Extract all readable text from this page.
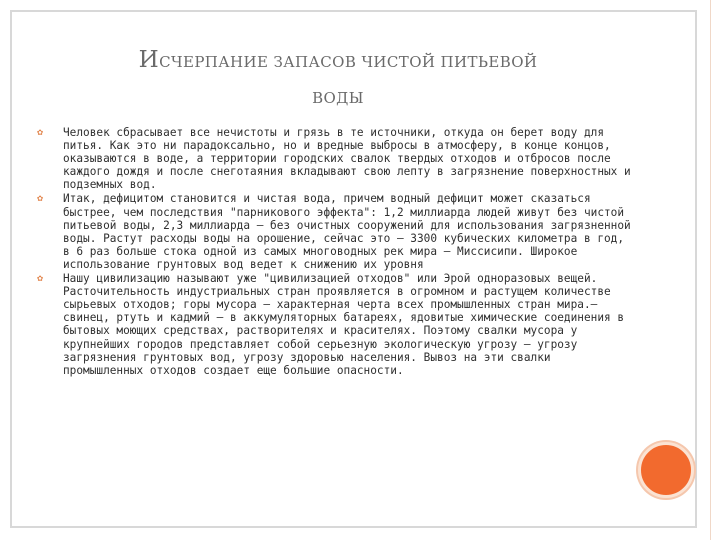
ИСЧЕРПАНИЕ ЗАПАСОВ ЧИСТОЙ ПИТЬЕВОЙ
ВОДЫ
✿ Человек сбрасывает все нечистоты и грязь в те источники, откуда он берет воду для питья. Как это ни парадоксально, но и вредные выбросы в атмосферу, в конце концов, оказываются в воде, а территории городских свалок твердых отходов и отбросов после каждого дождя и после снеготаяния вкладывают свою лепту в загрязнение поверхностных и подземных вод.
✿ Итак, дефицитом становится и чистая вода, причем водный дефицит может сказаться быстрее, чем последствия "парникового эффекта": 1,2 миллиарда людей живут без чистой питьевой воды, 2,3 миллиарда – без очистных сооружений для использования загрязненной воды. Растут расходы воды на орошение, сейчас это – 3300 кубических километра в год, в 6 раз больше стока одной из самых многоводных рек мира – Миссисипи. Широкое использование грунтовых вод ведет к снижению их уровня
✿ Нашу цивилизацию называют уже "цивилизацией отходов" или Эрой одноразовых вещей. Расточительность индустриальных стран проявляется в огромном и растущем количестве сырьевых отходов; горы мусора – характерная черта всех промышленных стран мира.– свинец, ртуть и кадмий – в аккумуляторных батареях, ядовитые химические соединения в бытовых моющих средствах, растворителях и красителях. Поэтому свалки мусора у крупнейших городов представляет собой серьезную экологическую угрозу – угрозу загрязнения грунтовых вод, угрозу здоровью населения. Вывоз на эти свалки промышленных отходов создает еще большие опасности.
